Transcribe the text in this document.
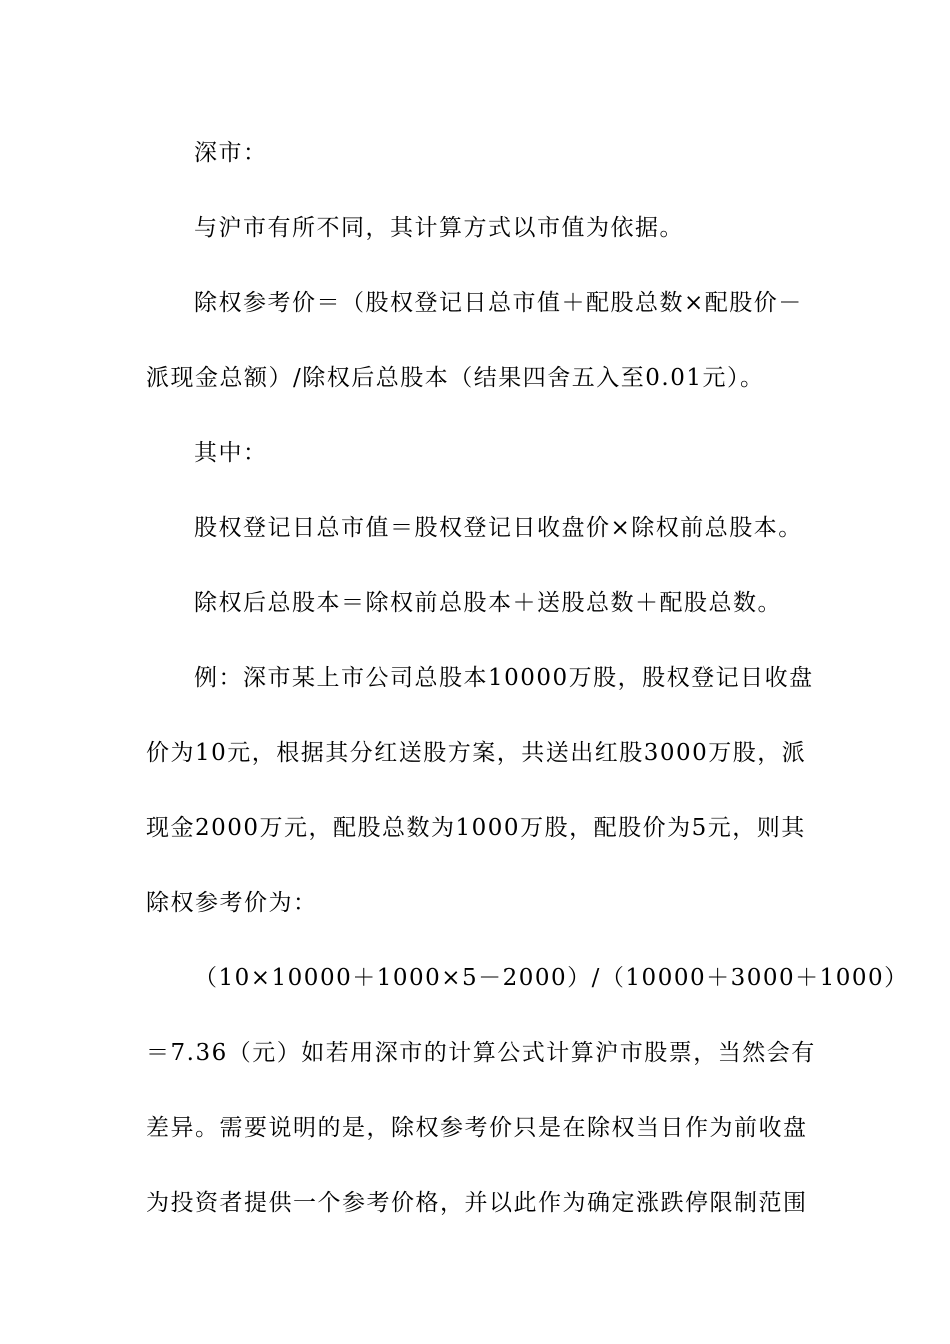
深市：
与沪市有所不同，其计算方式以市值为依据。
除权参考价＝（股权登记日总市值＋配股总数×配股价－
派现金总额）/除权后总股本（结果四舍五入至0.01元）。
其中：
股权登记日总市值＝股权登记日收盘价×除权前总股本。
除权后总股本＝除权前总股本＋送股总数＋配股总数。
例：深市某上市公司总股本10000万股，股权登记日收盘
价为10元，根据其分红送股方案，共送出红股3000万股，派
现金2000万元，配股总数为1000万股，配股价为5元，则其
除权参考价为：
（10×10000＋1000×5－2000）/（10000＋3000＋1000）
＝7.36（元）如若用深市的计算公式计算沪市股票，当然会有
差异。需要说明的是，除权参考价只是在除权当日作为前收盘
为投资者提供一个参考价格，并以此作为确定涨跌停限制范围
